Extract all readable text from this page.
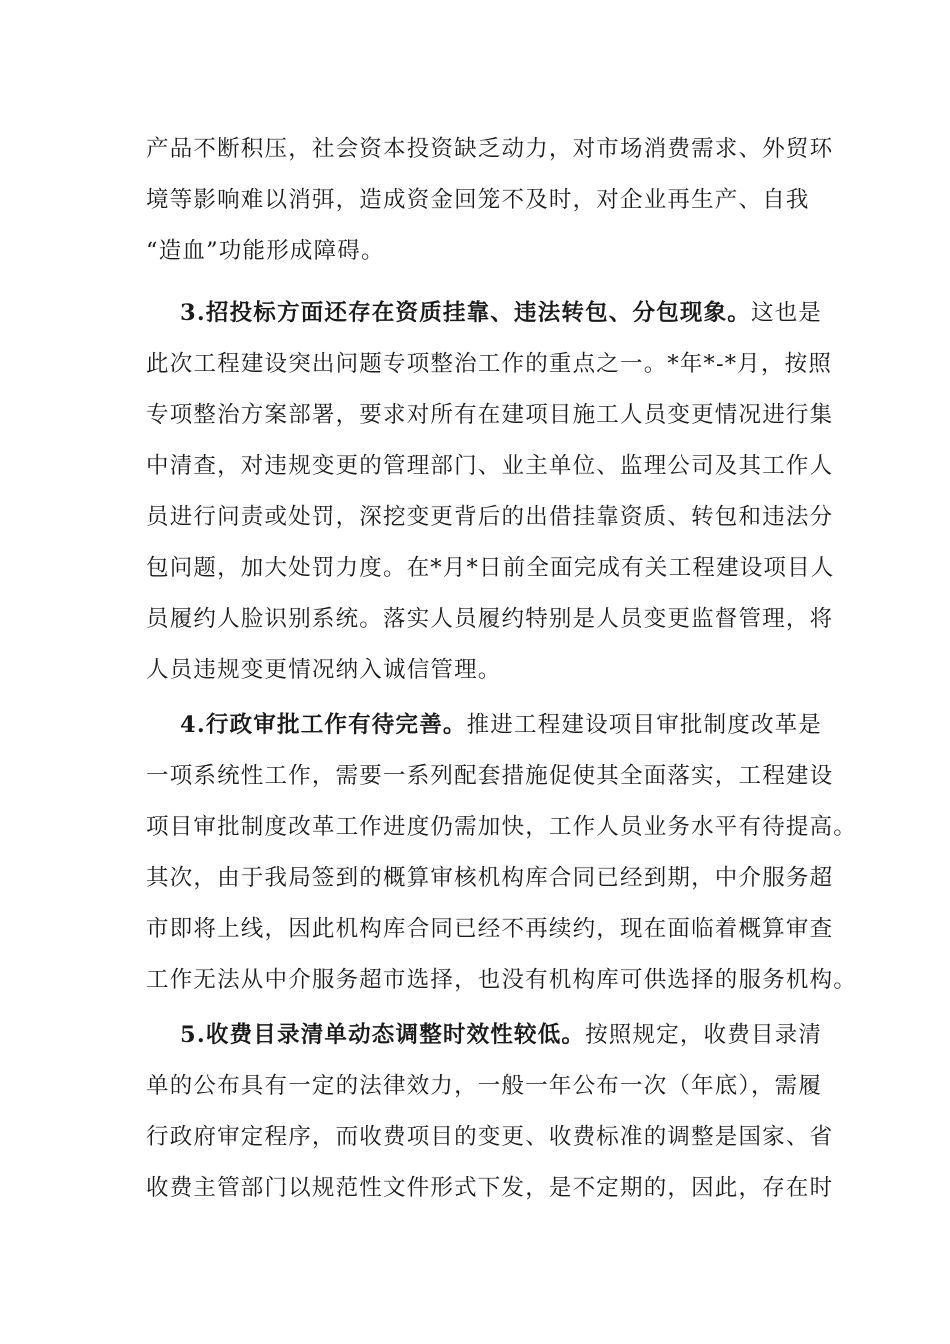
产品不断积压，社会资本投资缺乏动力，对市场消费需求、外贸环
境等影响难以消弭，造成资金回笼不及时，对企业再生产、自我
“造血”功能形成障碍。
3.招投标方面还存在资质挂靠、违法转包、分包现象。这也是
此次工程建设突出问题专项整治工作的重点之一。*年*-*月，按照
专项整治方案部署，要求对所有在建项目施工人员变更情况进行集
中清查，对违规变更的管理部门、业主单位、监理公司及其工作人
员进行问责或处罚，深挖变更背后的出借挂靠资质、转包和违法分
包问题，加大处罚力度。在*月*日前全面完成有关工程建设项目人
员履约人脸识别系统。落实人员履约特别是人员变更监督管理，将
人员违规变更情况纳入诚信管理。
4.行政审批工作有待完善。推进工程建设项目审批制度改革是
一项系统性工作，需要一系列配套措施促使其全面落实，工程建设
项目审批制度改革工作进度仍需加快，工作人员业务水平有待提高。
其次，由于我局签到的概算审核机构库合同已经到期，中介服务超
市即将上线，因此机构库合同已经不再续约，现在面临着概算审查
工作无法从中介服务超市选择，也没有机构库可供选择的服务机构。
5.收费目录清单动态调整时效性较低。按照规定，收费目录清
单的公布具有一定的法律效力，一般一年公布一次（年底），需履
行政府审定程序，而收费项目的变更、收费标准的调整是国家、省
收费主管部门以规范性文件形式下发，是不定期的，因此，存在时
